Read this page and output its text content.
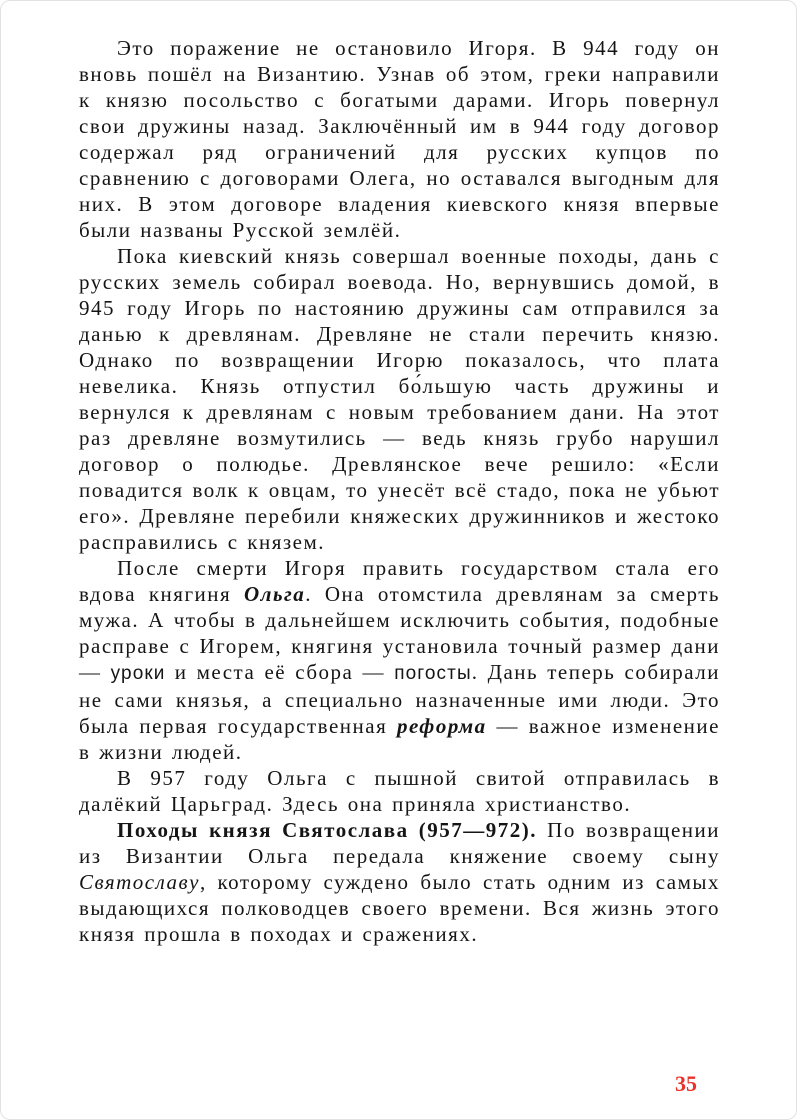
Это поражение не остановило Игоря. В 944 году он вновь пошёл на Византию. Узнав об этом, греки направили к князю посольство с богатыми дарами. Игорь повернул свои дружины назад. Заключённый им в 944 году договор содержал ряд ограничений для русских купцов по сравнению с договорами Олега, но оставался выгодным для них. В этом договоре владения киевского князя впервые были названы Русской землёй.

Пока киевский князь совершал военные походы, дань с русских земель собирал воевода. Но, вернувшись домой, в 945 году Игорь по настоянию дружины сам отправился за данью к древлянам. Древляне не стали перечить князю. Однако по возвращении Игорю показалось, что плата невелика. Князь отпустил бо́льшую часть дружины и вернулся к древлянам с новым требованием дани. На этот раз древляне возмутились — ведь князь грубо нарушил договор о полюдье. Древлянское вече решило: «Если повадится волк к овцам, то унесёт всё стадо, пока не убьют его». Древляне перебили княжеских дружинников и жестоко расправились с князем.

После смерти Игоря править государством стала его вдова княгиня Ольга. Она отомстила древлянам за смерть мужа. А чтобы в дальнейшем исключить события, подобные расправе с Игорем, княгиня установила точный размер дани — уроки и места её сбора — погосты. Дань теперь собирали не сами князья, а специально назначенные ими люди. Это была первая государственная реформа — важное изменение в жизни людей.

В 957 году Ольга с пышной свитой отправилась в далёкий Царьград. Здесь она приняла христианство.

Походы князя Святослава (957—972). По возвращении из Византии Ольга передала княжение своему сыну Святославу, которому суждено было стать одним из самых выдающихся полководцев своего времени. Вся жизнь этого князя прошла в походах и сражениях.

35
